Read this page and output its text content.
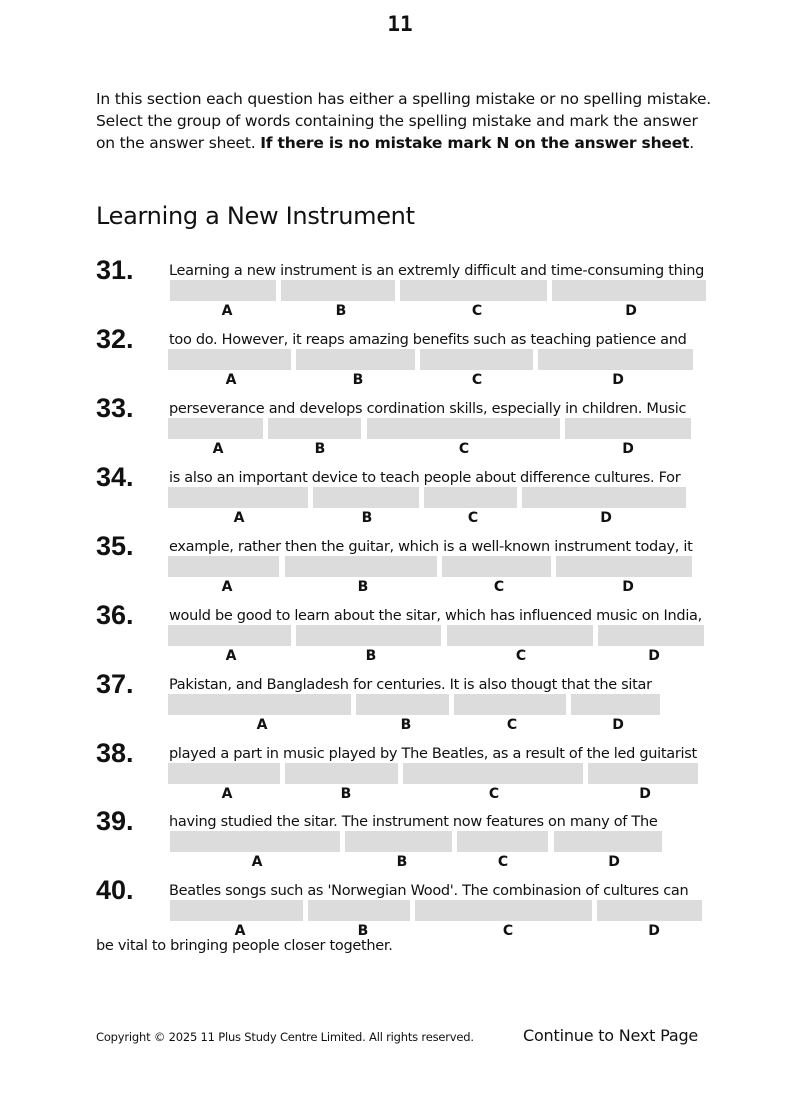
11
In this section each question has either a spelling mistake or no spelling mistake.
Select the group of words containing the spelling mistake and mark the answer
on the answer sheet. If there is no mistake mark N on the answer sheet.
Learning a New Instrument
31. Learning a new instrument is an extremly difficult and time-consuming thing
A	B	C	D
32. too do. However, it reaps amazing benefits such as teaching patience and
A	B	C	D
33. perseverance and develops cordination skills, especially in children. Music
A	B	C	D
34. is also an important device to teach people about difference cultures. For
A	B	C	D
35. example, rather then the guitar, which is a well-known instrument today, it
A	B	C	D
36. would be good to learn about the sitar, which has influenced music on India,
A	B	C	D
37. Pakistan, and Bangladesh for centuries. It is also thougt that the sitar
A	B	C	D
38. played a part in music played by The Beatles, as a result of the led guitarist
A	B	C	D
39. having studied the sitar. The instrument now features on many of The
A	B	C	D
40. Beatles songs such as 'Norwegian Wood'. The combinasion of cultures can
A	B	C	D
be vital to bringing people closer together.
Copyright © 2025 11 Plus Study Centre Limited. All rights reserved.	Continue to Next Page
